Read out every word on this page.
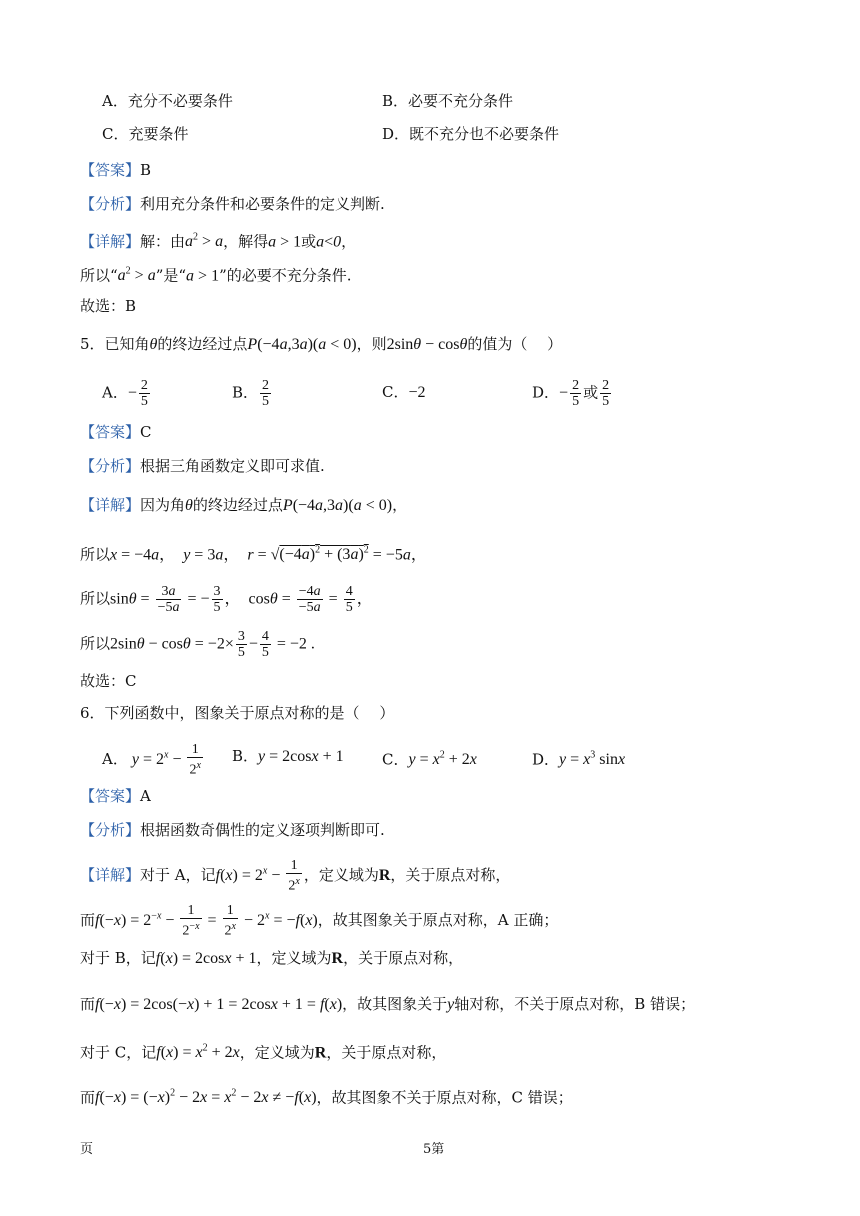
A．充分不必要条件	B．必要不充分条件
C．充要条件	D．既不充分也不必要条件
【答案】B
【分析】利用充分条件和必要条件的定义判断.
【详解】解：由$a^2 > a$，解得a > 1或a<0，
所以“$a^2 > a$”是“a > 1”的必要不充分条件.
故选：B
5．已知角θ的终边经过点P(−4a,3a)(a < 0)，则2sinθ − cosθ的值为（　 ）
A．− $\frac{2}{5}$	B． $\frac{2}{5}$	C．−2	D．− $\frac{2}{5}$ 或 $\frac{2}{5}$
【答案】C
【分析】根据三角函数定义即可求值.
【详解】因为角θ的终边经过点P(−4a,3a)(a < 0)，
所以x = −4a，  y = 3a，  $r = √(-4a)^2 + (3a)^2 = -5a$，
所以$\sin\theta = \frac{3a}{-5a}$ = − $\frac{3}{5}$ ，  $\cos\theta = \frac{-4a}{-5a} = \frac{4}{5}$ ，
所以$2\sin\theta - \cos\theta = -2\times \frac{3}{5} - \frac{4}{5} = -2$ .
故选：C
6．下列函数中，图象关于原点对称的是（　 ）
A． $y = 2^x - \frac{1}{2^x}$ B．y = 2cosx + 1	C．$y = x^2 + 2x$	D．$y = x^3$ sinx
【答案】A
【分析】根据函数奇偶性的定义逐项判断即可.
【详解】对于 A，记$f(x) = 2^x - \frac{1}{2^x}$ ，定义域为R，关于原点对称，
而$f(-x) = 2^{-x} - \frac{1}{2^{-x}} = \frac{1}{2^x} - 2^x = -f(x)$，故其图象关于原点对称，A 正确；
对于 B，记f(x) = 2cosx + 1，定义域为R，关于原点对称，
而f(−x) = 2cos(−x) + 1 = 2cosx + 1 = f(x)，故其图象关于y轴对称，不关于原点对称，B 错误；
对于 C，记$f(x) = x^2 + 2x$，定义域为R，关于原点对称，
而$f(-x) = (-x)^2 - 2x = x^2 - 2x \ne -f(x)$，故其图象不关于原点对称，C 错误；
页	5第
